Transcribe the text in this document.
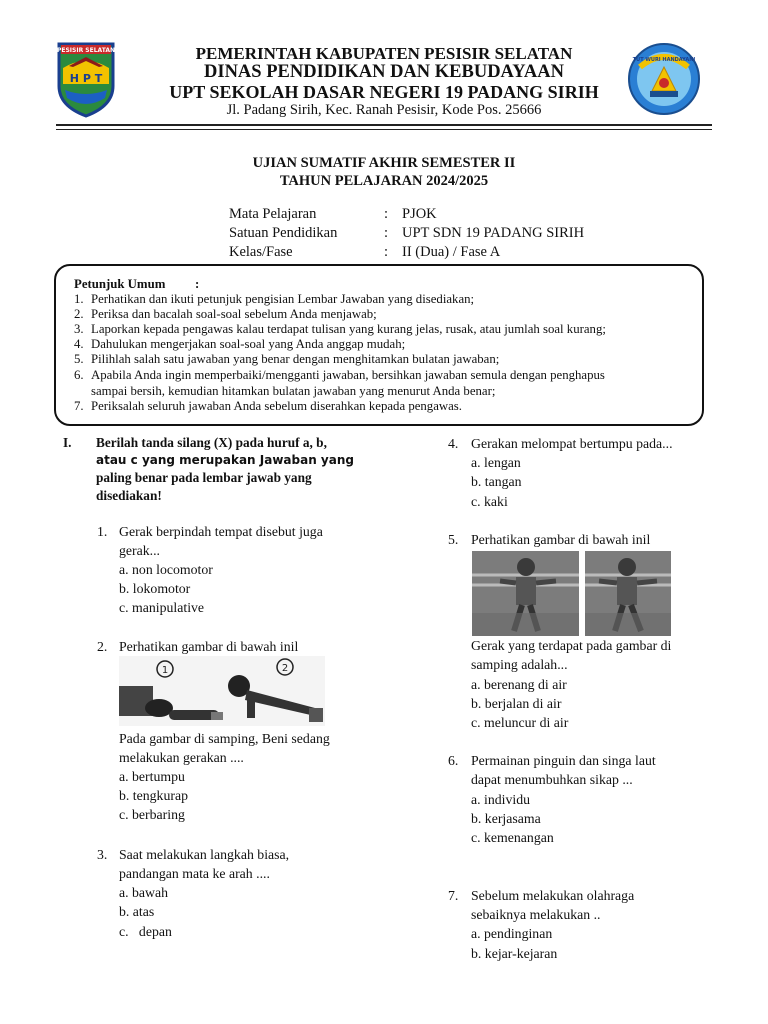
PESISIR SELATAN
H P T
TUT WURI HANDAYANI
PEMERINTAH KABUPATEN PESISIR SELATAN
DINAS PENDIDIKAN DAN KEBUDAYAAN
UPT SEKOLAH DASAR NEGERI 19 PADANG SIRIH
Jl. Padang Sirih, Kec. Ranah Pesisir, Kode Pos. 25666
UJIAN SUMATIF AKHIR SEMESTER II
TAHUN PELAJARAN 2024/2025
Mata Pelajaran	: PJOK
Satuan Pendidikan	: UPT SDN 19 PADANG SIRIH
Kelas/Fase	: II (Dua) / Fase A
Petunjuk Umum :
1. Perhatikan dan ikuti petunjuk pengisian Lembar Jawaban yang disediakan;
2. Periksa dan bacalah soal-soal sebelum Anda menjawab;
3. Laporkan kepada pengawas kalau terdapat tulisan yang kurang jelas, rusak, atau jumlah soal kurang;
4. Dahulukan mengerjakan soal-soal yang Anda anggap mudah;
5. Pilihlah salah satu jawaban yang benar dengan menghitamkan bulatan jawaban;
6. Apabila Anda ingin memperbaiki/mengganti jawaban, bersihkan jawaban semula dengan penghapus
sampai bersih, kemudian hitamkan bulatan jawaban yang menurut Anda benar;
7. Periksalah seluruh jawaban Anda sebelum diserahkan kepada pengawas.
I. Berilah tanda silang (X) pada huruf a, b,
atau c yang merupakan Jawaban yang
paling benar pada lembar jawab yang
disediakan!
1. Gerak berpindah tempat disebut juga
gerak...
a. non locomotor
b. lokomotor
c. manipulative
2. Perhatikan gambar di bawah inil
1	2
Pada gambar di samping, Beni sedang
melakukan gerakan ....
a. bertumpu
b. tengkurap
c. berbaring
3. Saat melakukan langkah biasa,
pandangan mata ke arah ....
a. bawah
b. atas
c.   depan
4. Gerakan melompat bertumpu pada...
a. lengan
b. tangan
c. kaki
5. Perhatikan gambar di bawah inil
Gerak yang terdapat pada gambar di
samping adalah...
a. berenang di air
b. berjalan di air
c. meluncur di air
6. Permainan pinguin dan singa laut
dapat menumbuhkan sikap ...
a. individu
b. kerjasama
c. kemenangan
7. Sebelum melakukan olahraga
sebaiknya melakukan ..
a. pendinginan
b. kejar-kejaran
